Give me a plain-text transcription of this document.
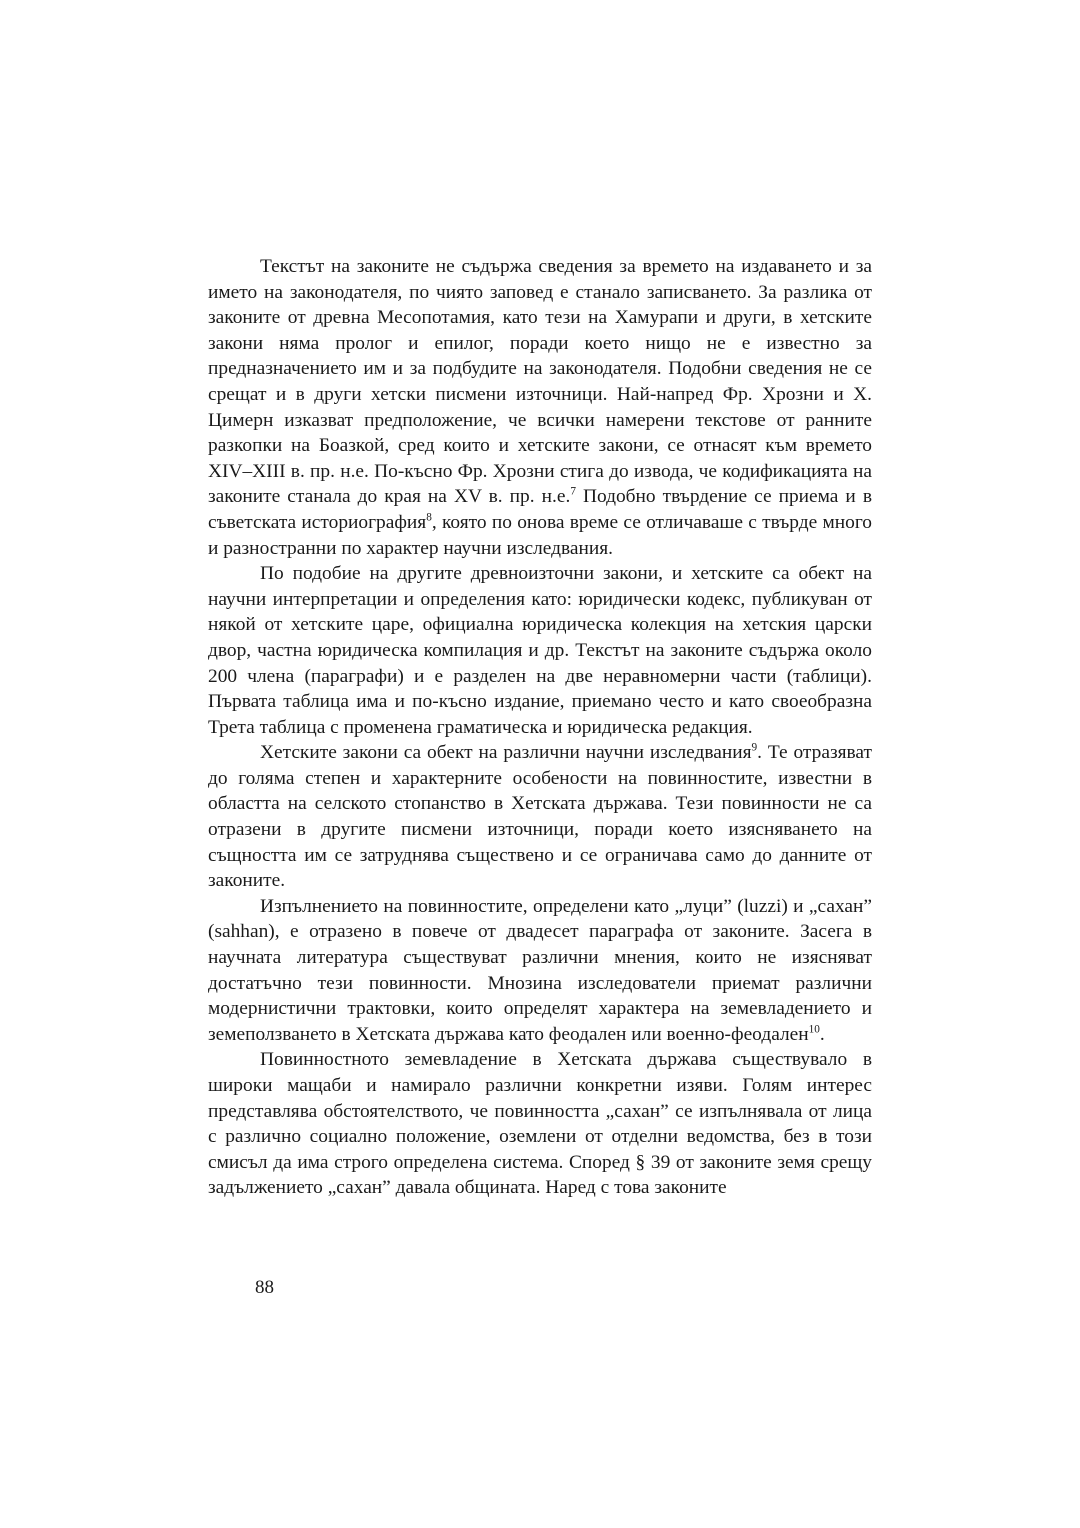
Текстът на законите не съдържа сведения за времето на издаването и за името на законодателя, по чиято заповед е станало записването. За разлика от законите от древна Месопотамия, като тези на Хамурапи и други, в хетските закони няма пролог и епилог, поради което нищо не е известно за предназначението им и за подбудите на законодателя. Подобни сведения не се срещат и в други хетски писмени източници. Най-напред Фр. Хрозни и Х. Цимерн изказват предположение, че всички намерени текстове от ранните разкопки на Боазкой, сред които и хетските закони, се отнасят към времето XIV–XIII в. пр. н.е. По-късно Фр. Хрозни стига до извода, че кодификацията на законите станала до края на XV в. пр. н.е.$^7$ Подобно твърдение се приема и в съветската историография$^8$, която по онова време се отличаваше с твърде много и разностранни по характер научни изследвания.

По подобие на другите древноизточни закони, и хетските са обект на научни интерпретации и определения като: юридически кодекс, публикуван от някой от хетските царе, официална юридическа колекция на хетския царски двор, частна юридическа компилация и др. Текстът на законите съдържа около 200 члена (параграфи) и е разделен на две неравномерни части (таблици). Първата таблица има и по-късно издание, приемано често и като своеобразна Трета таблица с променена граматическа и юридическа редакция.

Хетските закони са обект на различни научни изследвания$^9$. Те отразяват до голяма степен и характерните особености на повинностите, известни в областта на селското стопанство в Хетската държава. Тези повинности не са отразени в другите писмени източници, поради което изясняването на същността им се затруднява съществено и се ограничава само до данните от законите.

Изпълнението на повинностите, определени като „луци” (luzzi) и „сахан” (sahhan), е отразено в повече от двадесет параграфа от законите. Засега в научната литература съществуват различни мнения, които не изясняват достатъчно тези повинности. Мнозина изследователи приемат различни модернистични трактовки, които определят характера на земевладението и земеползването в Хетската държава като феодален или военно-феодален$^{10}$.

Повинностното земевладение в Хетската държава съществувало в широки мащаби и намирало различни конкретни изяви. Голям интерес представлява обстоятелството, че повинността „сахан” се изпълнявала от лица с различно социално положение, оземлени от отделни ведомства, без в този смисъл да има строго определена система. Според § 39 от законите земя срещу задължението „сахан” давала общината. Наред с това законите

88
